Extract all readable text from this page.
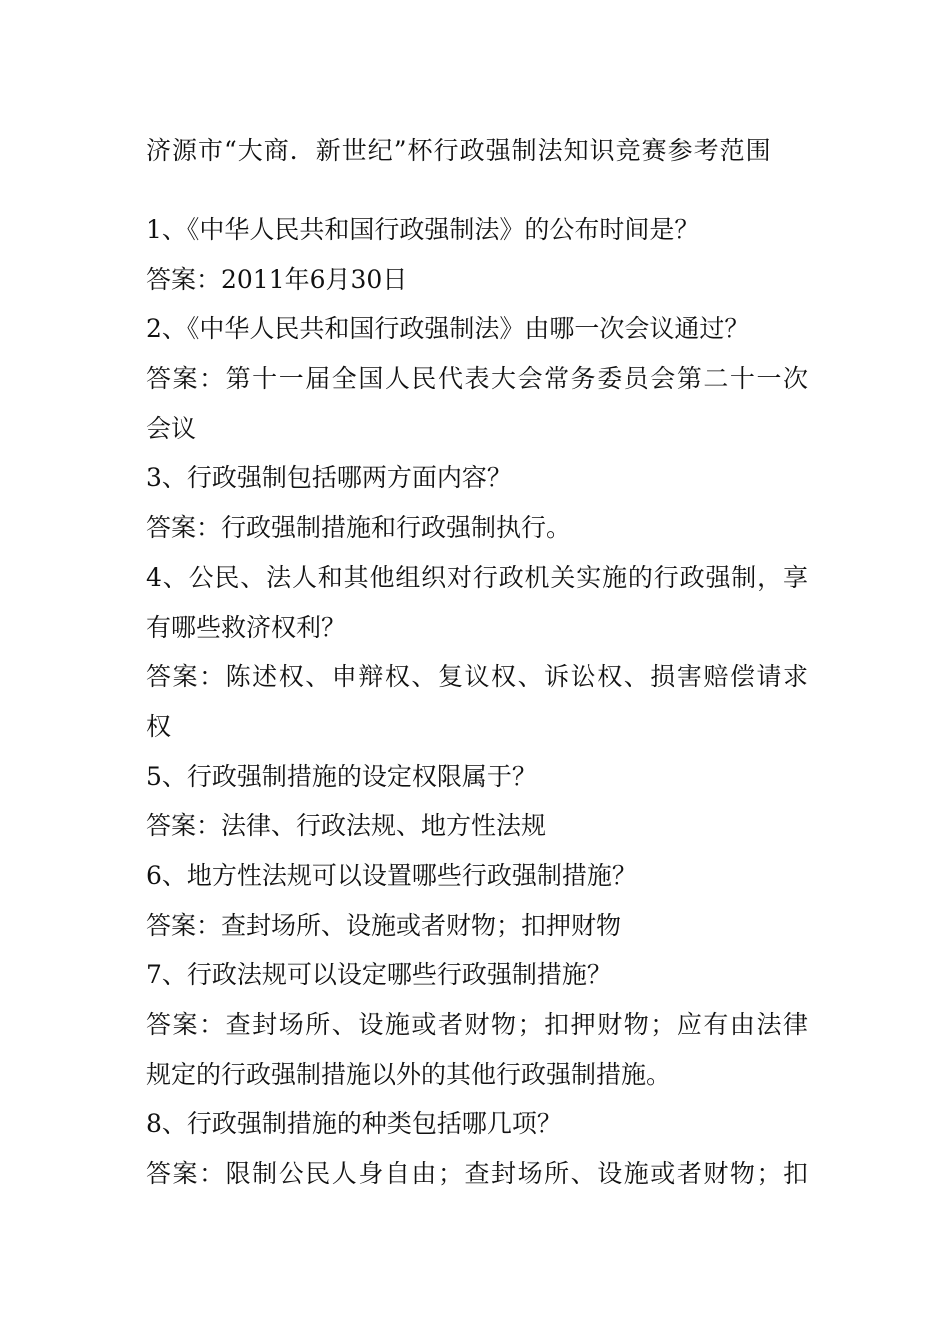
济源市“大商．新世纪”杯行政强制法知识竞赛参考范围
1、《中华人民共和国行政强制法》的公布时间是？
答案：2011年6月30日
2、《中华人民共和国行政强制法》由哪一次会议通过？
答案：第十一届全国人民代表大会常务委员会第二十一次
会议
3、行政强制包括哪两方面内容？
答案：行政强制措施和行政强制执行。
4、公民、法人和其他组织对行政机关实施的行政强制，享
有哪些救济权利？
答案：陈述权、申辩权、复议权、诉讼权、损害赔偿请求
权
5、行政强制措施的设定权限属于？
答案：法律、行政法规、地方性法规
6、地方性法规可以设置哪些行政强制措施？
答案：查封场所、设施或者财物；扣押财物
7、行政法规可以设定哪些行政强制措施？
答案：查封场所、设施或者财物；扣押财物；应有由法律
规定的行政强制措施以外的其他行政强制措施。
8、行政强制措施的种类包括哪几项？
答案：限制公民人身自由；查封场所、设施或者财物；扣
